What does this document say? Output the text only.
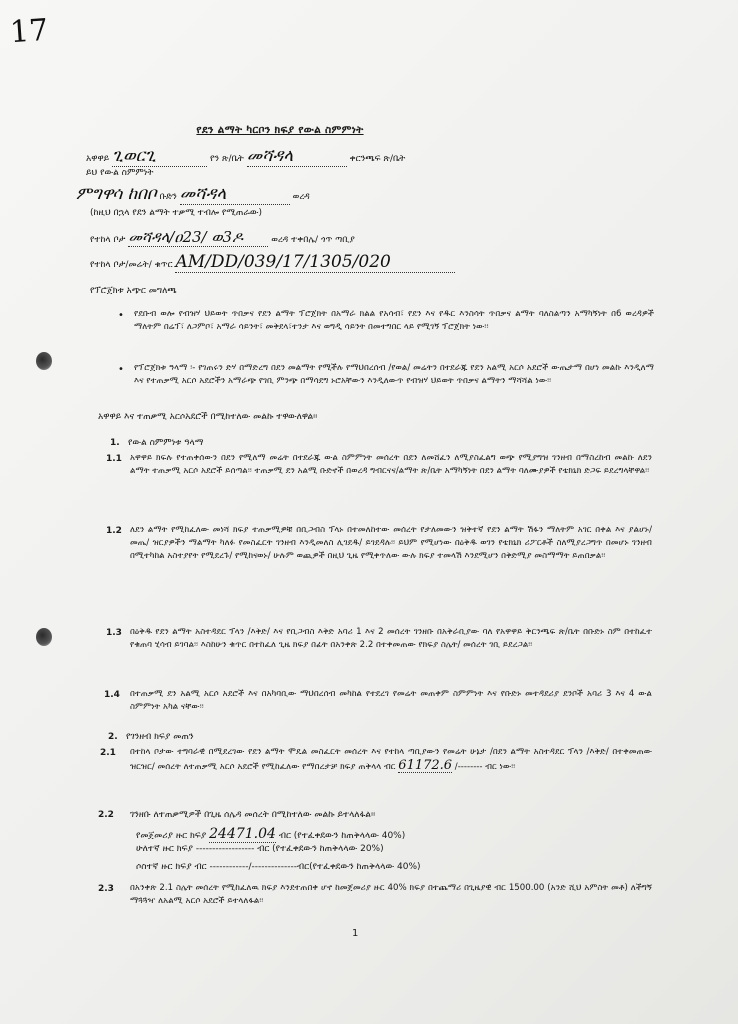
17
የደን ልማት ካርቦን ክፍያ የውል ስምምነት
አዋዋይ ጊወርጊ	የን ጽ/ቤት መሻዳላ	ቀርንጫፍ ጽ/ቤት
ይህ የውል ስምምነት
ምግዋሳ ከበቦ ቡድን መሻዳላ	ወረዳ
(ከዚህ በኋላ የደን ልማት ተቃሚ ተብሎ የሚጠራው)
የተከላ ቦታ መሻዳላ/ዐ23/ ወ3ዶ	ወረዳ ተቀበሌ/ ጎጥ ጣቢያ
የተከላ ቦታ/መሬት/ ቁጥር AM/DD/039/17/1305/020
የፕሮጀክቱ አጭር መግለጫ
• የደቡብ ወሎ የብዝሃ ህይወት ጥበቃና የደን ልማት ፕሮጀክት በአማራ ክልል የአሳብ፣ የደን እና የዱር እንስሳት ጥበቃና ልማት ባለስልጣን አማካኝነት በ6 ወረዳዎች ማለትም በሬፕ፣ ለጋምቦ፣ አማራ ሳይንት፣ መቅደላ፣ተንታ እና ወግዲ ሳይንት በመተግበር ላይ የሚገኝ ፕሮጀክት ነው፡፡
• የፕሮጀክቱ ዓላማ ፡- የገጠሩን ድሃ በማድረግ በደን መልማት የሚችሉ የማህበረሰብ /የወል/ መሬትን በተደራጁ የደን አልሚ አርሶ አደሮች ውጤታማ በሆነ መልኩ እንዲለማ እና የተጠቃሚ አርሶ አደሮችን አማራጭ የገቢ ምንጭ በማሳደግ ኑሮአቸውን እንዲለውጥ የብዝሃ ህይወት ጥበቃና ልማትን ማሻሻል ነው፡፡
አዋዋይ እና ተጠቃሚ አርሶአደሮች በሚከተለው መልኩ ተዋውለዋል፡፡
1. የውል ስምምነቱ ዓላማ
1.1 አዋዋይ ክፍሉ የተጠቀሰውን በደን የሚለማ መሬት በተደራጁ ውል ስምምነት መሰረት በደን ለመሸፈን ለሚያስፈልግ ወጭ የሚያግዝ ገንዘብ በማስረከብ መልኩ ለደን ልማት ተጠቃሚ አርሶ አደሮች ይሰጣል፡፡ ተጠቃሚ ደን አልሚ ቡድኖች በወረዳ ግብርናና/ልማት ጽ/ቤት አማካኝነት በደን ልማት ባለሙያዎች የቴክኒክ ድጋፍ ይደረግላቸዋል፡፡
1.2 ለደን ልማት የሚከፈለው መነሻ ክፍያ ተጠቃሚዎቹ በቢጋብስ ፕላኑ በተመለከተው መሰረት የታለመውን ዝቅተኛ የደን ልማት ሽፋን ማለትም አገር በቀል እና ያልሆኑ/መጤ/ ዝርያዎችን ማልማት ካለፉ የመስፈርት ገንዘብ እንዲመለስ ሊገደዱ/ ይገደዳሉ፡፡ ይህም የሚሆነው በዕቅዱ ወገን የቴክኒክ ሪፖርቶች ስለሚያረጋግጥ በመሆኑ ገንዘብ በሚተካከል አስተያየት የሚደረጉ/ የሚከናወኑ/ ሁሉም ወጪዎች በዚህ ጊዜ የሚቀጥለው ውሉ ክፍያ ተመላሽ እንደሚሆን በቅድሚያ መስማማት ይጠበቃል፡፡
1.3 በዕቅዱ የደን ልማት አስተዳደር ፕላን /እቅድ/ እና የቢጋብስ እቅድ አባሪ 1 እና 2 መሰረት ገንዘቡ በአቅራቢያው ባለ የአዋዋይ ቅርንጫፍ ጽ/ቤት በቡድኑ ስም በተከፈተ የቁጠባ ሂሳብ ይገባል፡፡ እስከሁን ቁጥር በተከፈለ ጊዜ ክፍያ በፊት በአንቀጽ 2.2 በተቀመጠው የክፍያ ስሌት/ መሰረት ገቢ ይደረጋል፡፡
1.4 በተጠቃሚ ደን አልሚ አርሶ አደሮች እና በአካባቢው ማህበረሰብ መካከል የተደረገ የመሬት መጠቀም ስምምነት እና የቡድኑ መተዳደሪያ ደንቦች አባሪ 3 እና 4 ውል ስምምነት አካል ናቸው፡፡
2. የገንዘብ ክፍያ መጠን
2.1 በተከላ ቦታው ተግባራዊ በሚደረገው የደን ልማት ሞዴል መስፈርት መሰረት እና የተከላ ጣቢያውን የመሬት ሁኔታ /በደን ልማት አስተዳደር ፕላን /እቅድ/ በተቀመጠው ዝርዝር/ መሰረት ለተጠቃሚ አርሶ አደሮች የሚከፈለው የማበረታቻ ክፍያ ጠቅላላ ብር 61172.6 /-------- ብር ነው፡፡
2.2 ገንዘቡ ለተጠቃሚዎች በጊዜ ሰሌዳ መሰረት በሚከተለው መልኩ ይተላለፋል፡፡
የመጀመሪያ ዙር ክፍያ 24471.04 ብር (የተፈቀደውን ከጠቅላላው 40%)
ሁለተኛ ዙር ክፍያ ------------------ ብር (የተፈቀደውን ከጠቅላላው 20%)
ሶስተኛ ዙር ክፍያ ብር ------------/--------------ብር(የተፈቀደውን ከጠቅላላው 40%)
2.3 በአንቀጽ 2.1 ስሌት መሰረት የሚከፈለዉ ክፍያ እንደተጠበቀ ሆኖ ከመጀመሪያ ዙር 40% ክፍያ በተጨማሪ በጊዜያዊ ብር 1500.00 (አንድ ሺህ አምስት መቶ) ለችግኝ ማጓጓዣ ለአልሚ አርሶ አደሮች ይተላለፋል፡፡
1
